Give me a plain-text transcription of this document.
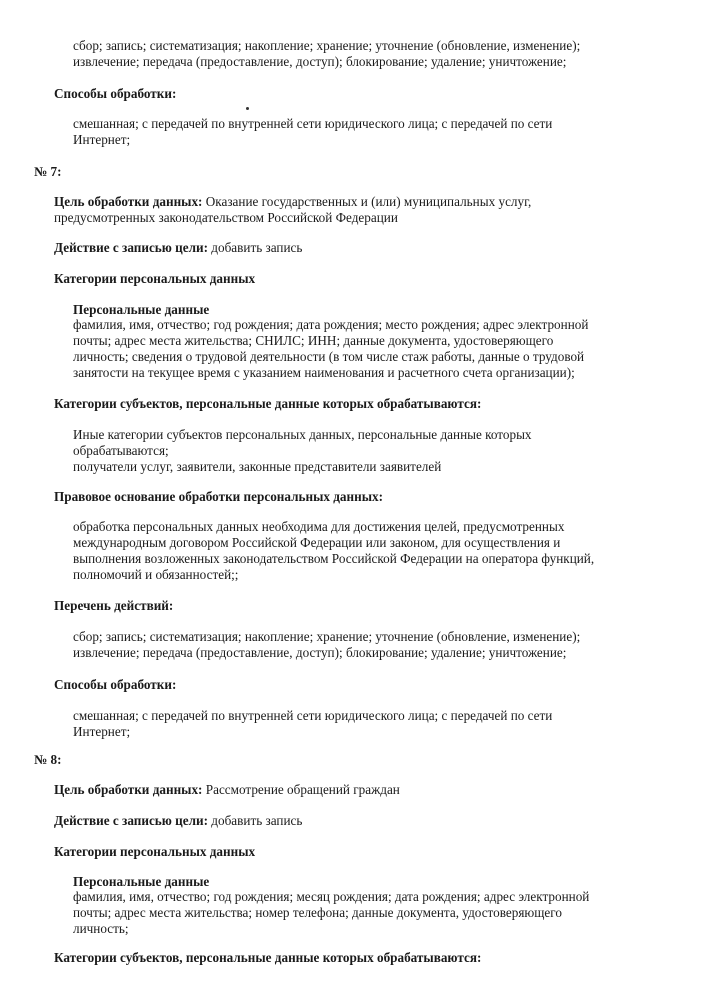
сбор; запись; систематизация; накопление; хранение; уточнение (обновление, изменение);
извлечение; передача (предоставление, доступ); блокирование; удаление; уничтожение;
Способы обработки:
смешанная; с передачей по внутренней сети юридического лица; с передачей по сети
Интернет;
№ 7:
Цель обработки данных: Оказание государственных и (или) муниципальных услуг,
предусмотренных законодательством Российской Федерации
Действие с записью цели: добавить запись
Категории персональных данных
Персональные данные
фамилия, имя, отчество; год рождения; дата рождения; место рождения; адрес электронной
почты; адрес места жительства; СНИЛС; ИНН; данные документа, удостоверяющего
личность; сведения о трудовой деятельности (в том числе стаж работы, данные о трудовой
занятости на текущее время с указанием наименования и расчетного счета организации);
Категории субъектов, персональные данные которых обрабатываются:
Иные категории субъектов персональных данных, персональные данные которых
обрабатываются;
получатели услуг, заявители, законные представители заявителей
Правовое основание обработки персональных данных:
обработка персональных данных необходима для достижения целей, предусмотренных
международным договором Российской Федерации или законом, для осуществления и
выполнения возложенных законодательством Российской Федерации на оператора функций,
полномочий и обязанностей;;
Перечень действий:
сбор; запись; систематизация; накопление; хранение; уточнение (обновление, изменение);
извлечение; передача (предоставление, доступ); блокирование; удаление; уничтожение;
Способы обработки:
смешанная; с передачей по внутренней сети юридического лица; с передачей по сети
Интернет;
№ 8:
Цель обработки данных: Рассмотрение обращений граждан
Действие с записью цели: добавить запись
Категории персональных данных
Персональные данные
фамилия, имя, отчество; год рождения; месяц рождения; дата рождения; адрес электронной
почты; адрес места жительства; номер телефона; данные документа, удостоверяющего
личность;
Категории субъектов, персональные данные которых обрабатываются:
